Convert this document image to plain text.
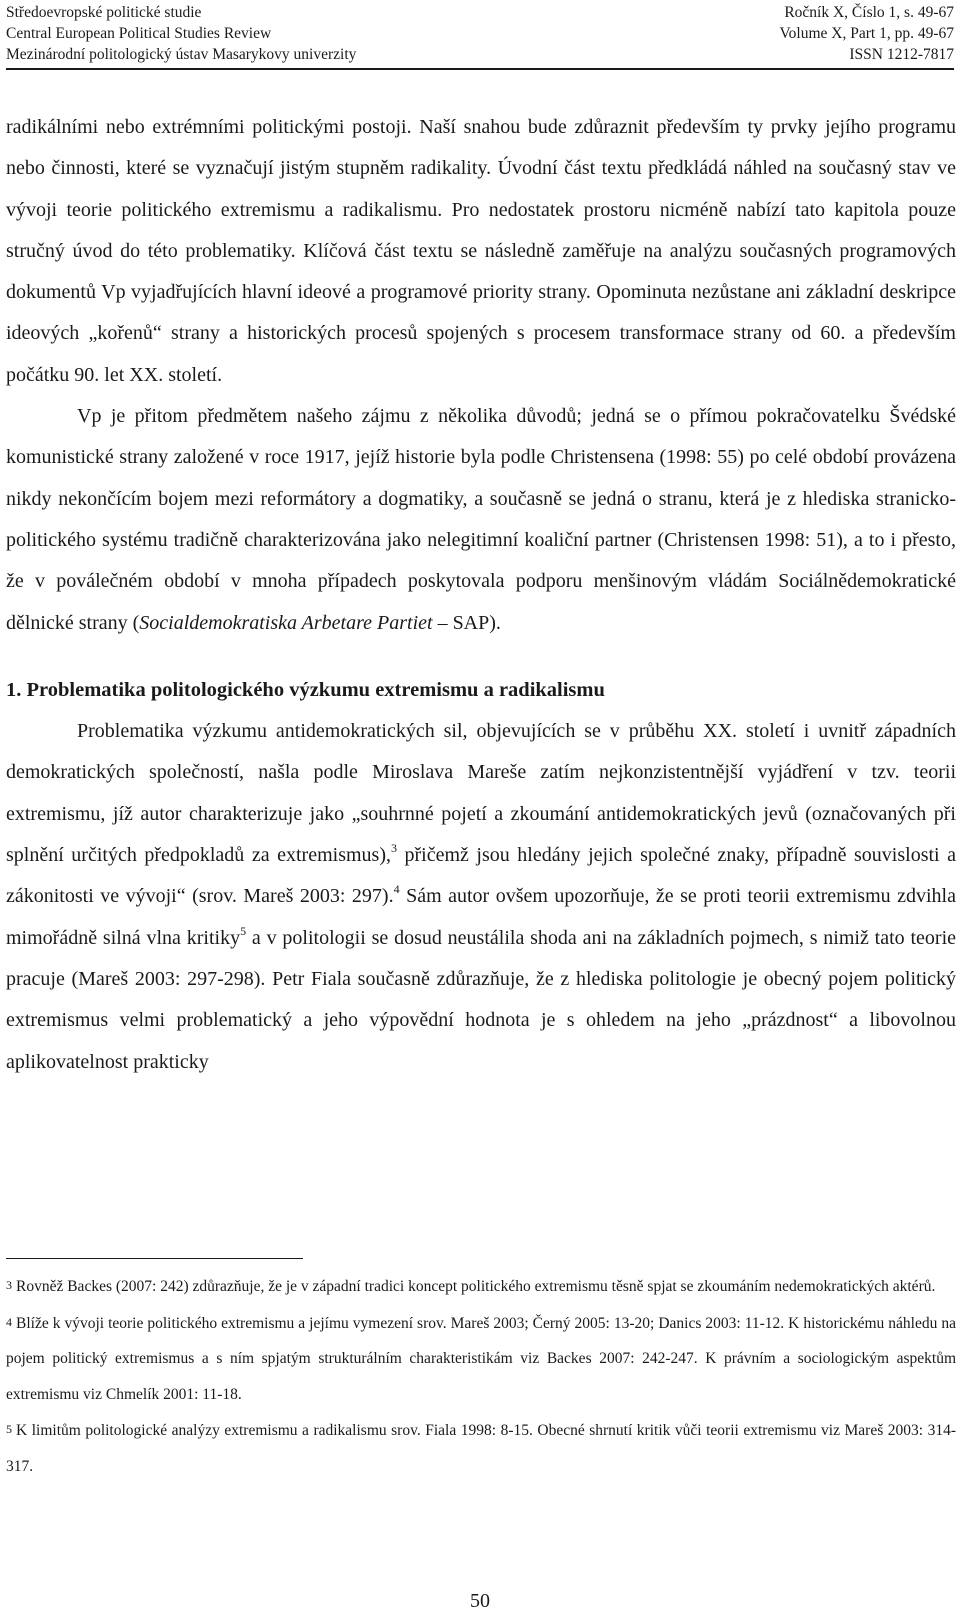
Středoevropské politické studie	Ročník X, Číslo 1, s. 49-67
Central European Political Studies Review	Volume X, Part 1, pp. 49-67
Mezinárodní politologický ústav Masarykovy univerzity	ISSN 1212-7817

radikálními nebo extrémními politickými postoji. Naší snahou bude zdůraznit především ty prvky jejího programu nebo činnosti, které se vyznačují jistým stupněm radikality. Úvodní část textu předkládá náhled na současný stav ve vývoji teorie politického extremismu a radikalismu. Pro nedostatek prostoru nicméně nabízí tato kapitola pouze stručný úvod do této problematiky. Klíčová část textu se následně zaměřuje na analýzu současných programových dokumentů Vp vyjadřujících hlavní ideové a programové priority strany. Opominuta nezůstane ani základní deskripce ideových „kořenů“ strany a historických procesů spojených s procesem transformace strany od 60. a především počátku 90. let XX. století.

Vp je přitom předmětem našeho zájmu z několika důvodů; jedná se o přímou pokračovatelku Švédské komunistické strany založené v roce 1917, jejíž historie byla podle Christensena (1998: 55) po celé období provázena nikdy nekončícím bojem mezi reformátory a dogmatiky, a současně se jedná o stranu, která je z hlediska stranicko-politického systému tradičně charakterizována jako nelegitimní koaliční partner (Christensen 1998: 51), a to i přesto, že v poválečném období v mnoha případech poskytovala podporu menšinovým vládám Sociálnědemokratické dělnické strany (Socialdemokratiska Arbetare Partiet – SAP).

1. Problematika politologického výzkumu extremismu a radikalismu

Problematika výzkumu antidemokratických sil, objevujících se v průběhu XX. století i uvnitř západních demokratických společností, našla podle Miroslava Mareše zatím nejkonzistentnější vyjádření v tzv. teorii extremismu, jíž autor charakterizuje jako „souhrnné pojetí a zkoumání antidemokratických jevů (označovaných při splnění určitých předpokladů za extremismus),$^3$ přičemž jsou hledány jejich společné znaky, případně souvislosti a zákonitosti ve vývoji“ (srov. Mareš 2003: 297).$^4$ Sám autor ovšem upozorňuje, že se proti teorii extremismu zdvihla mimořádně silná vlna kritiky$^5$ a v politologii se dosud neustálila shoda ani na základních pojmech, s nimiž tato teorie pracuje (Mareš 2003: 297-298). Petr Fiala současně zdůrazňuje, že z hlediska politologie je obecný pojem politický extremismus velmi problematický a jeho výpovědní hodnota je s ohledem na jeho „prázdnost“ a libovolnou aplikovatelnost prakticky

3 Rovněž Backes (2007: 242) zdůrazňuje, že je v západní tradici koncept politického extremismu těsně spjat se zkoumáním nedemokratických aktérů.

4 Blíže k vývoji teorie politického extremismu a jejímu vymezení srov. Mareš 2003; Černý 2005: 13-20; Danics 2003: 11-12. K historickému náhledu na pojem politický extremismus a s ním spjatým strukturálním charakteristikám viz Backes 2007: 242-247. K právním a sociologickým aspektům extremismu viz Chmelík 2001: 11-18.

5 K limitům politologické analýzy extremismu a radikalismu srov. Fiala 1998: 8-15. Obecné shrnutí kritik vůči teorii extremismu viz Mareš 2003: 314-317.

50
